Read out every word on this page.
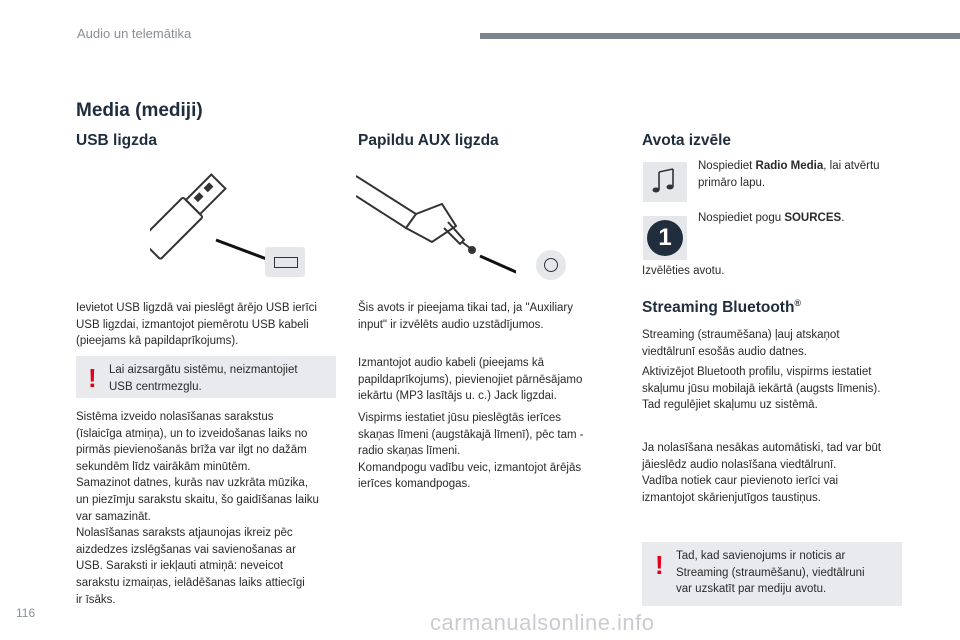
Audio un telemātika
Media (mediji)
USB ligzda
Ievietot USB ligzdā vai pieslēgt ārējo USB ierīci
USB ligzdai, izmantojot piemērotu USB kabeli
(pieejams kā papildaprīkojums).
! Lai aizsargātu sistēmu, neizmantojiet
USB centrmezglu.
Sistēma izveido nolasīšanas sarakstus
(īslaicīga atmiņa), un to izveidošanas laiks no
pirmās pievienošanās brīža var ilgt no dažām
sekundēm līdz vairākām minūtēm.
Samazinot datnes, kurās nav uzkrāta mūzika,
un piezīmju sarakstu skaitu, šo gaidīšanas laiku
var samazināt.
Nolasīšanas saraksts atjaunojas ikreiz pēc
aizdedzes izslēgšanas vai savienošanas ar
USB. Saraksti ir iekļauti atmiņā: neveicot
sarakstu izmaiņas, ielādēšanas laiks attiecīgi
ir īsāks.
Papildu AUX ligzda
Šis avots ir pieejama tikai tad, ja "Auxiliary
input" ir izvēlēts audio uzstādījumos.
Izmantojot audio kabeli (pieejams kā
papildaprīkojums), pievienojiet pārnēsājamo
iekārtu (MP3 lasītājs u. c.) Jack ligzdai.
Vispirms iestatiet jūsu pieslēgtās ierīces
skaņas līmeni (augstākajā līmenī), pēc tam -
radio skaņas līmeni.
Komandpogu vadību veic, izmantojot ārējās
ierīces komandpogas.
Avota izvēle
Nospiediet Radio Media, lai atvērtu
primāro lapu.
1
Nospiediet pogu SOURCES.
Izvēlēties avotu.
Streaming Bluetooth®
Streaming (straumēšana) ļauj atskaņot
viedtālrunī esošās audio datnes.
Aktivizējot Bluetooth profilu, vispirms iestatiet
skaļumu jūsu mobilajā iekārtā (augsts līmenis).
Tad regulējiet skaļumu uz sistēmā.
Ja nolasīšana nesākas automātiski, tad var būt
jāieslēdz audio nolasīšana viedtālrunī.
Vadība notiek caur pievienoto ierīci vai
izmantojot skārienjutīgos taustiņus.
! Tad, kad savienojums ir noticis ar
Streaming (straumēšanu), viedtālruni
var uzskatīt par mediju avotu.
116	carmanualsonline.info
